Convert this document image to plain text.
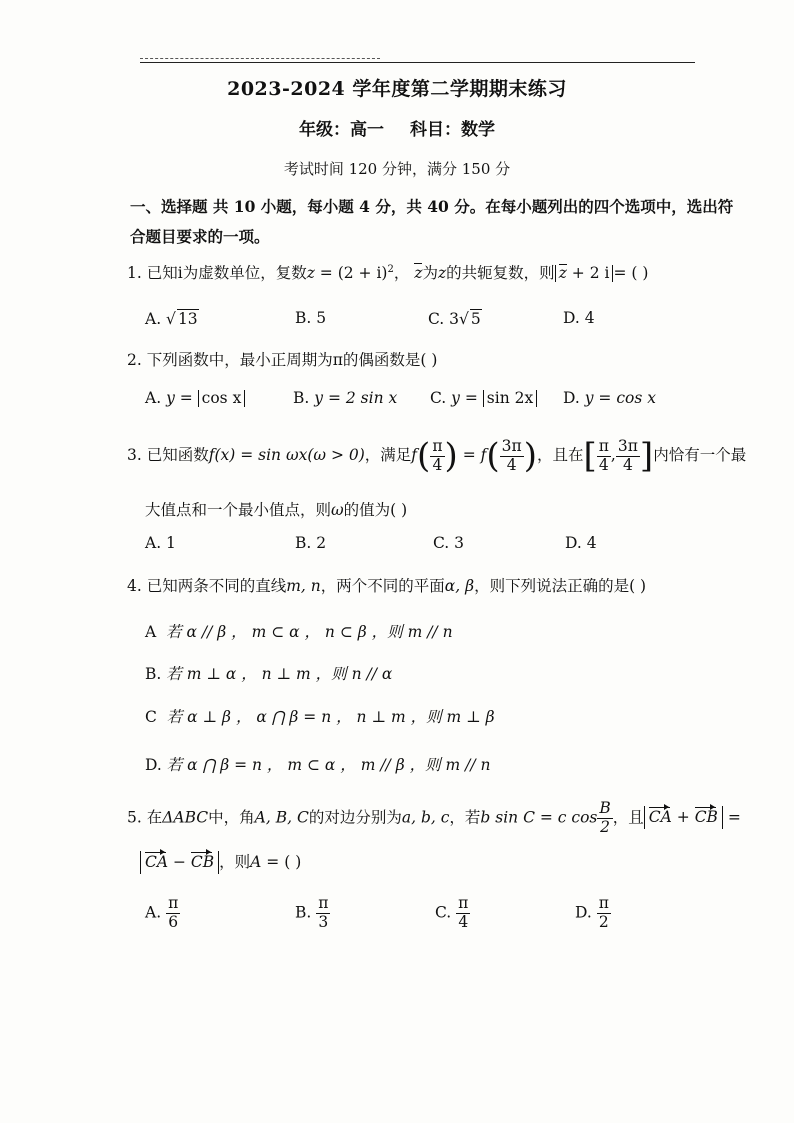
2023-2024 学年度第二学期期末练习
年级：高一 科目：数学
考试时间 120 分钟，满分 150 分
一、选择题 共 10 小题，每小题 4 分，共 40 分。在每小题列出的四个选项中，选出符合题目要求的一项。
1. 已知i为虚数单位，复数$z = (2 + i)^2$， z为z的共轭复数，则 z + 2 i = ( )
A. √ 13	B. 5	C. 3√ 5	D. 4
2. 下列函数中，最小正周期为π的偶函数是( )
A. y = cos x	B. y = 2 sin x C. y = sin 2x D. y = cos x
3. 已知函数f(x) = sin ωx(ω > 0)，满足$f( \frac{\pi}{4}$ ) = $f( \frac{3\pi}{4}$ )，且在[ $\frac{\pi}{4}$ , $\frac{3\pi}{4}$ ]内恰有一个最
大值点和一个最小值点，则ω的值为( )
A. 1	B. 2	C. 3	D. 4
4. 已知两条不同的直线m, n，两个不同的平面α, β，则下列说法正确的是( )
A 若 α // β ， m ⊂ α ， n ⊂ β ，则 m // n
B. 若 m ⊥ α ， n ⊥ m ，则 n // α
C 若 α ⊥ β ， α ⋂ β = n ， n ⊥ m ，则 m ⊥ β
D. 若 α ⋂ β = n ， m ⊂ α ， m // β ，则 m // n
5. 在ΔABC中，角A, B, C的对边分别为a, b, c，若b sin C = c $\cos \frac{B}{2}$ ，且 CA + CB =
CA − CB ，则A = ( )
A. $\frac{\pi}{6}$	B. $\frac{\pi}{3}$	C. $\frac{\pi}{4}$	D. $\frac{\pi}{2}$
